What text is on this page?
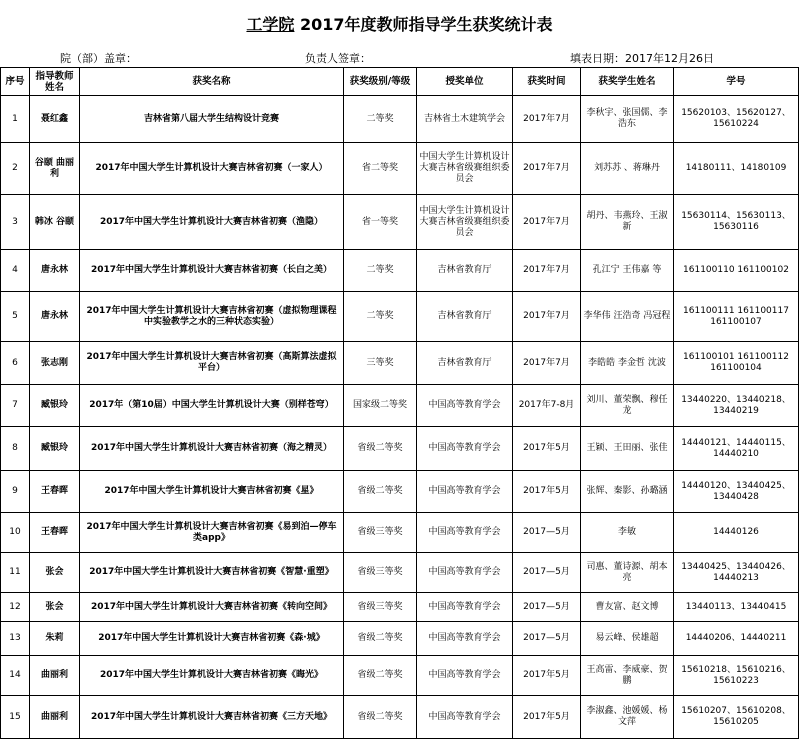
工学院 2017年度教师指导学生获奖统计表
院（部）盖章：	负责人签章：	填表日期：2017年12月26日
序号	指导教师姓名	获奖名称	获奖级别/等级	授奖单位	获奖时间	获奖学生姓名	学号
1	聂红鑫	吉林省第八届大学生结构设计竞赛	二等奖	吉林省土木建筑学会	2017年7月	李秋宇、张国儒、李浩东	15620103、15620127、15610224
2	谷颐 曲丽利	2017年中国大学生计算机设计大赛吉林省初赛（一家人）	省二等奖	中国大学生计算机设计大赛吉林省级赛组织委员会	2017年7月	刘苏苏 、蒋琳丹	14180111、14180109
3	韩冰 谷颐	2017年中国大学生计算机设计大赛吉林省初赛（渔隐）	省一等奖	中国大学生计算机设计大赛吉林省级赛组织委员会	2017年7月	胡丹、韦燕玲、王淑新	15630114、15630113、15630116
4	唐永林	2017年中国大学生计算机设计大赛吉林省初赛（长白之美）	二等奖	吉林省教育厅	2017年7月	孔江宁 王伟嘉 等	161100110 161100102
5	唐永林	2017年中国大学生计算机设计大赛吉林省初赛（虚拟物理课程中实验教学之水的三种状态实验）	二等奖	吉林省教育厅	2017年7月	李华伟 汪浩奇 冯冠程	161100111 161100117 161100107
6	张志刚	2017年中国大学生计算机设计大赛吉林省初赛（高斯算法虚拟平台）	三等奖	吉林省教育厅	2017年7月	李皓皓 李金哲 沈波	161100101 161100112 161100104
7	臧银玲	2017年（第10届）中国大学生计算机设计大赛（别样苍穹）	国家级二等奖	中国高等教育学会	2017年7-8月	刘川、董荣飘、穆任龙	13440220、13440218、13440219
8	臧银玲	2017年中国大学生计算机设计大赛吉林省初赛（海之精灵）	省级二等奖	中国高等教育学会	2017年5月	王颖、王田丽、张佳	14440121、14440115、14440210
9	王春晖	2017年中国大学生计算机设计大赛吉林省初赛《星》	省级二等奖	中国高等教育学会	2017年5月	张辉、秦影、孙璐涵	14440120、13440425、13440428
10	王春晖	2017年中国大学生计算机设计大赛吉林省初赛《易到泊—停车类app》	省级三等奖	中国高等教育学会	2017—5月	李敏	14440126
11	张会	2017年中国大学生计算机设计大赛吉林省初赛《智慧·重塑》	省级三等奖	中国高等教育学会	2017—5月	司惠、董诗源、胡本亮	13440425、13440426、14440213
12	张会	2017年中国大学生计算机设计大赛吉林省初赛《转向空间》	省级三等奖	中国高等教育学会	2017—5月	曹友富、赵文博	13440113、13440415
13	朱莉	2017年中国大学生计算机设计大赛吉林省初赛《森·城》	省级二等奖	中国高等教育学会	2017—5月	易云峰、侯雄超	14440206、14440211
14	曲丽利	2017年中国大学生计算机设计大赛吉林省初赛《晦光》	省级二等奖	中国高等教育学会	2017年5月	王高雷、李威豪、贺鹏	15610218、15610216、15610223
15	曲丽利	2017年中国大学生计算机设计大赛吉林省初赛《三方天地》	省级二等奖	中国高等教育学会	2017年5月	李淑鑫、池媛媛、杨文萍	15610207、15610208、15610205
